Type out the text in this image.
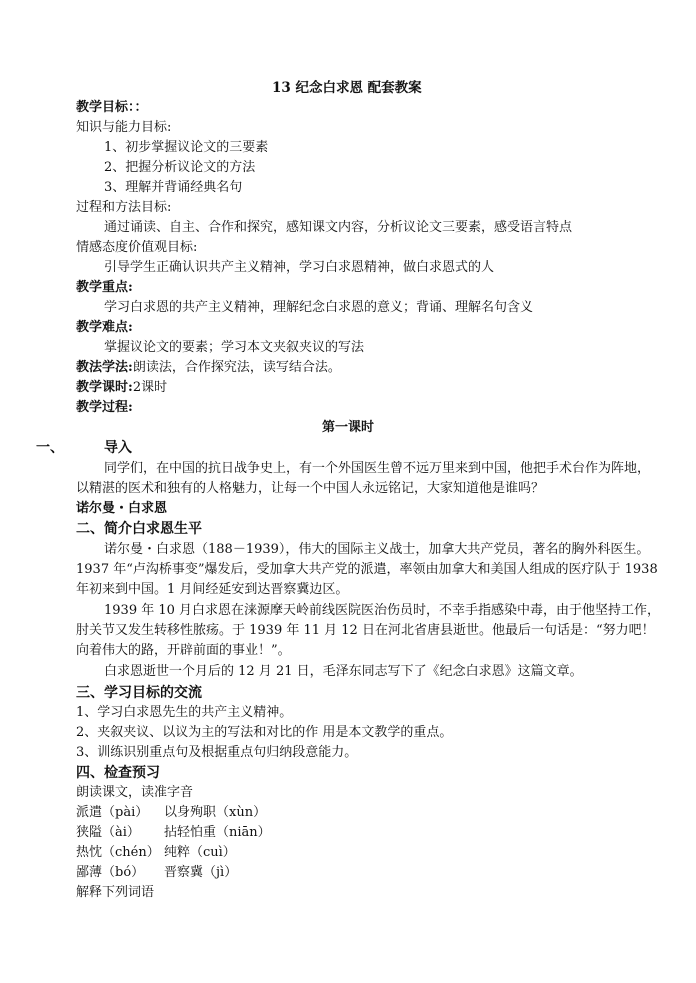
13 纪念白求恩 配套教案
教学目标：：
知识与能力目标:
1、初步掌握议论文的三要素
2、把握分析议论文的方法
3、理解并背诵经典名句
过程和方法目标:
通过诵读、自主、合作和探究，感知课文内容，分析议论文三要素，感受语言特点
情感态度价值观目标:
引导学生正确认识共产主义精神，学习白求恩精神，做白求恩式的人
教学重点:
学习白求恩的共产主义精神，理解纪念白求恩的意义；背诵、理解名句含义
教学难点:
掌握议论文的要素；学习本文夹叙夹议的写法
教法学法:朗读法，合作探究法，读写结合法。
教学课时:2课时
教学过程:
第一课时
一、	导入
同学们，在中国的抗日战争史上，有一个外国医生曾不远万里来到中国，他把手术台作为阵地，
以精湛的医术和独有的人格魅力，让每一个中国人永远铭记，大家知道他是谁吗？
诺尔曼・白求恩
二、简介白求恩生平
诺尔曼・白求恩（188－1939），伟大的国际主义战士，加拿大共产党员，著名的胸外科医生。
1937 年“卢沟桥事变”爆发后，受加拿大共产党的派遣，率领由加拿大和美国人组成的医疗队于 1938
年初来到中国。1 月间经延安到达晋察冀边区。
1939 年 10 月白求恩在涞源摩天岭前线医院医治伤员时，不幸手指感染中毒，由于他坚持工作，
肘关节又发生转移性脓疡。于 1939 年 11 月 12 日在河北省唐县逝世。他最后一句话是：“努力吧！
向着伟大的路，开辟前面的事业！”。
白求恩逝世一个月后的 12 月 21 日，毛泽东同志写下了《纪念白求恩》这篇文章。
三、学习目标的交流
1、学习白求恩先生的共产主义精神。
2、夹叙夹议、以议为主的写法和对比的作 用是本文教学的重点。
3、训练识别重点句及根据重点句归纳段意能力。
四、检查预习
朗读课文，读准字音
派遣（pài） 以身殉职（xùn）
狭隘（ài） 拈轻怕重（niān）
热忱（chén） 纯粹（cuì）
鄙薄（bó） 晋察冀（jì）
解释下列词语
